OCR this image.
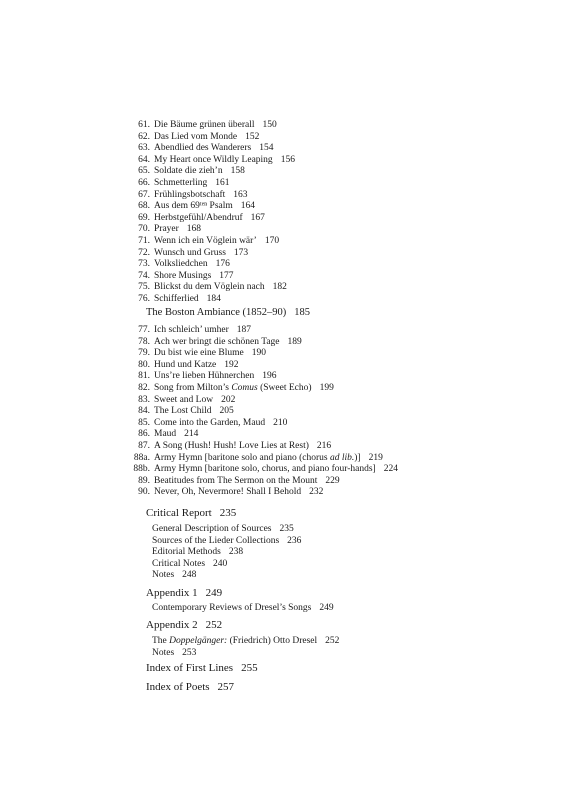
61. Die Bäume grünen überall 150
62. Das Lied vom Monde 152
63. Abendlied des Wanderers 154
64. My Heart once Wildly Leaping 156
65. Soldate die zieh’n 158
66. Schmetterling 161
67. Frühlingsbotschaft 163
68. Aus dem 69ᵗᵉⁿ Psalm 164
69. Herbstgefühl/Abendruf 167
70. Prayer 168
71. Wenn ich ein Vöglein wär’ 170
72. Wunsch und Gruss 173
73. Volksliedchen 176
74. Shore Musings 177
75. Blickst du dem Vöglein nach 182
76. Schifferlied 184
The Boston Ambiance (1852–90) 185
77. Ich schleich’ umher 187
78. Ach wer bringt die schönen Tage 189
79. Du bist wie eine Blume 190
80. Hund und Katze 192
81. Uns’re lieben Hühnerchen 196
82. Song from Milton’s Comus (Sweet Echo) 199
83. Sweet and Low 202
84. The Lost Child 205
85. Come into the Garden, Maud 210
86. Maud 214
87. A Song (Hush! Hush! Love Lies at Rest) 216
88a. Army Hymn [baritone solo and piano (chorus ad lib.)] 219
88b. Army Hymn [baritone solo, chorus, and piano four-hands] 224
89. Beatitudes from The Sermon on the Mount 229
90. Never, Oh, Nevermore! Shall I Behold 232
Critical Report 235
General Description of Sources 235
Sources of the Lieder Collections 236
Editorial Methods 238
Critical Notes 240
Notes 248
Appendix 1 249
Contemporary Reviews of Dresel’s Songs 249
Appendix 2 252
The Doppelgänger: (Friedrich) Otto Dresel 252
Notes 253
Index of First Lines 255
Index of Poets 257
